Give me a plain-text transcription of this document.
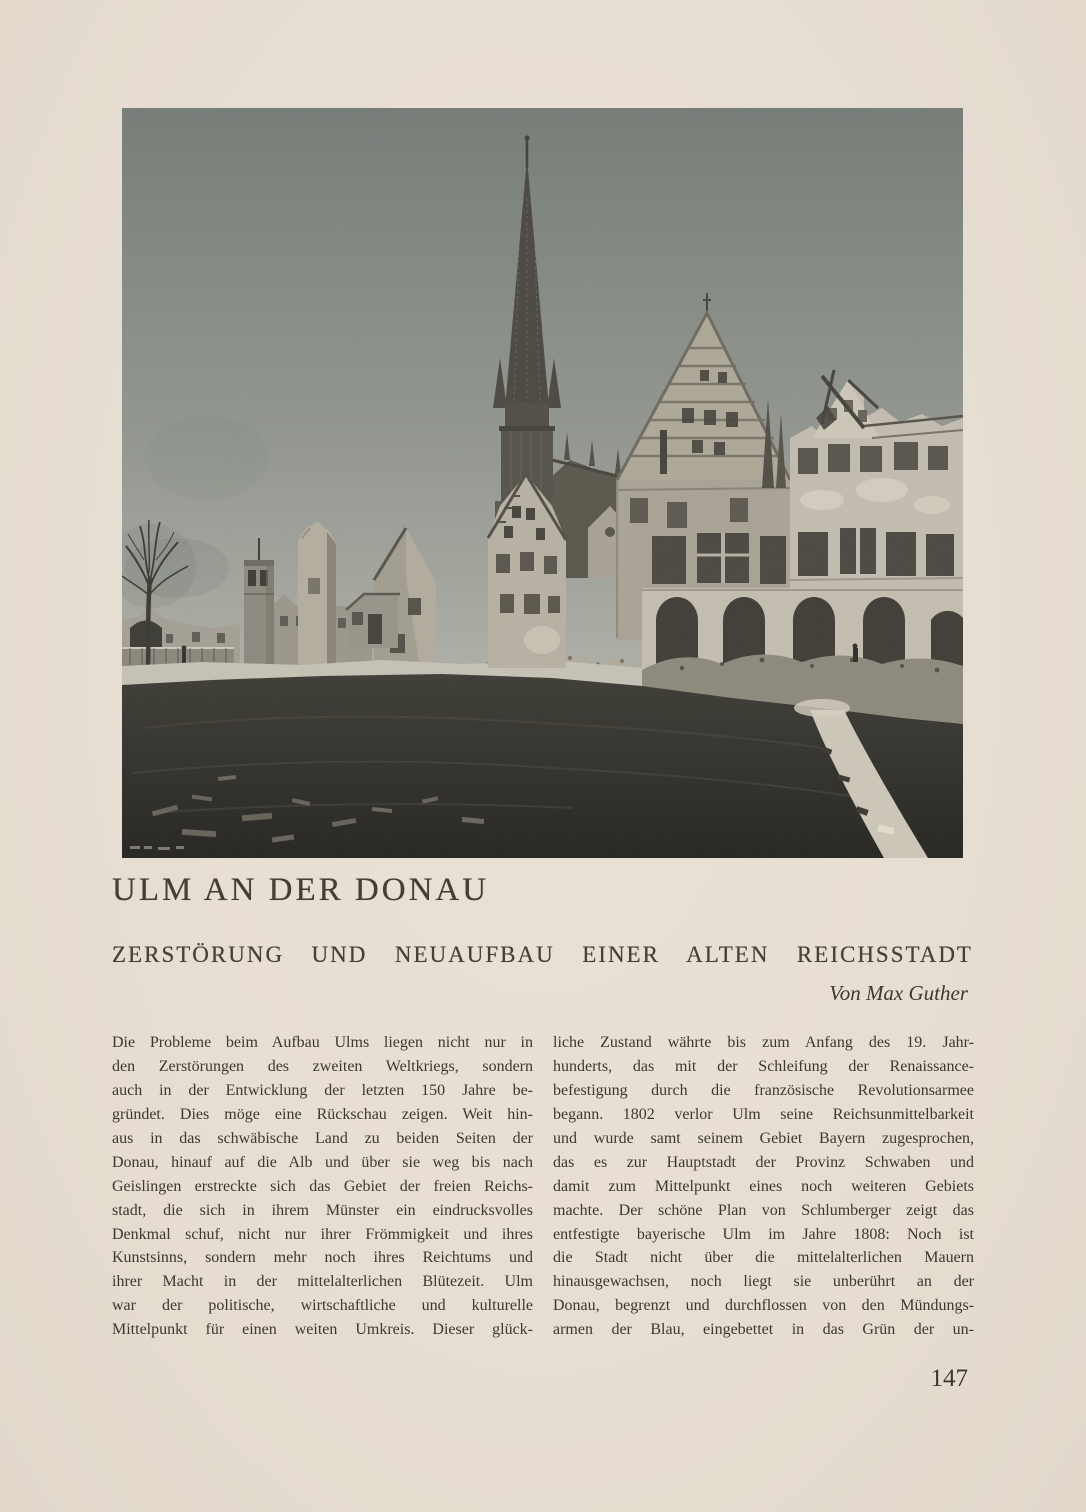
ULM AN DER DONAU
ZERSTÖRUNG UND NEUAUFBAU EINER ALTEN REICHSSTADT
Von Max Guther
Die Probleme beim Aufbau Ulms liegen nicht nur in
den Zerstörungen des zweiten Weltkriegs, sondern
auch in der Entwicklung der letzten 150 Jahre be-
gründet. Dies möge eine Rückschau zeigen. Weit hin-
aus in das schwäbische Land zu beiden Seiten der
Donau, hinauf auf die Alb und über sie weg bis nach
Geislingen erstreckte sich das Gebiet der freien Reichs-
stadt, die sich in ihrem Münster ein eindrucksvolles
Denkmal schuf, nicht nur ihrer Frömmigkeit und ihres
Kunstsinns, sondern mehr noch ihres Reichtums und
ihrer Macht in der mittelalterlichen Blütezeit. Ulm
war der politische, wirtschaftliche und kulturelle
Mittelpunkt für einen weiten Umkreis. Dieser glück-
liche Zustand währte bis zum Anfang des 19. Jahr-
hunderts, das mit der Schleifung der Renaissance-
befestigung durch die französische Revolutionsarmee
begann. 1802 verlor Ulm seine Reichsunmittelbarkeit
und wurde samt seinem Gebiet Bayern zugesprochen,
das es zur Hauptstadt der Provinz Schwaben und
damit zum Mittelpunkt eines noch weiteren Gebiets
machte. Der schöne Plan von Schlumberger zeigt das
entfestigte bayerische Ulm im Jahre 1808: Noch ist
die Stadt nicht über die mittelalterlichen Mauern
hinausgewachsen, noch liegt sie unberührt an der
Donau, begrenzt und durchflossen von den Mündungs-
armen der Blau, eingebettet in das Grün der un-
147
